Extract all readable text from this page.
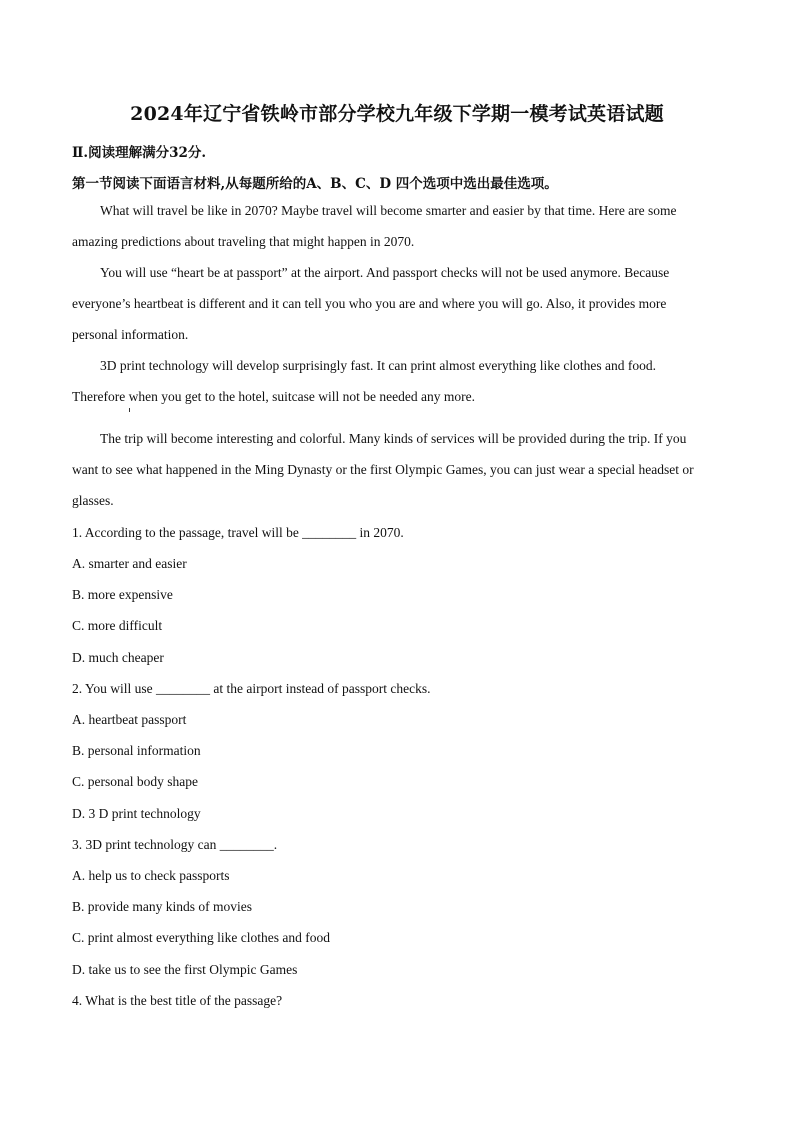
2024年辽宁省铁岭市部分学校九年级下学期一模考试英语试题
Ⅱ.阅读理解满分32分.
第一节阅读下面语言材料,从每题所给的A、B、C、D 四个选项中选出最佳选项。
What will travel be like in 2070? Maybe travel will become smarter and easier by that time. Here are some
amazing predictions about traveling that might happen in 2070.
You will use “heart be at passport” at the airport. And passport checks will not be used anymore. Because
everyone’s heartbeat is different and it can tell you who you are and where you will go. Also, it provides more
personal information.
3D print technology will develop surprisingly fast. It can print almost everything like clothes and food.
Therefore when you get to the hotel, suitcase will not be needed any more.
The trip will become interesting and colorful. Many kinds of services will be provided during the trip. If you
want to see what happened in the Ming Dynasty or the first Olympic Games, you can just wear a special headset or
glasses.
1. According to the passage, travel will be ________ in 2070.
A. smarter and easier
B. more expensive
C. more difficult
D. much cheaper
2. You will use ________ at the airport instead of passport checks.
A. heartbeat passport
B. personal information
C. personal body shape
D. 3 D print technology
3. 3D print technology can ________.
A. help us to check passports
B. provide many kinds of movies
C. print almost everything like clothes and food
D. take us to see the first Olympic Games
4. What is the best title of the passage?
